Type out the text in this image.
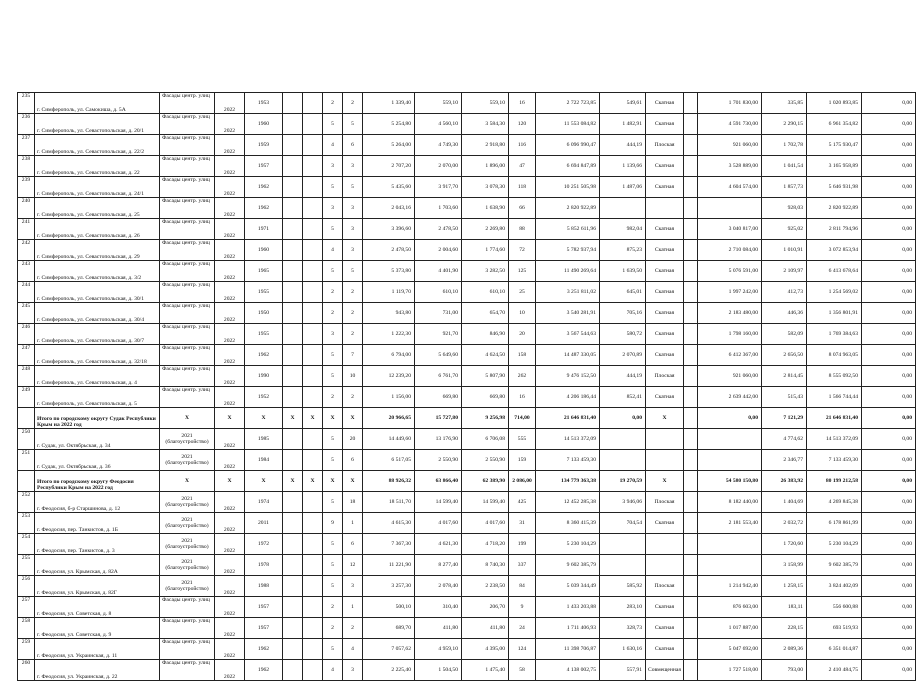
235	г. Симферополь, ул. Самокиша, д. 5А	Фасады центр. улиц	2022	1953			2	2	1 339,40	559,10	559,10	16	2 722 723,85	549,61	Скатная		1 701 830,00	335,85	1 020 893,85	0,00
236	г. Симферополь, ул. Севастопольская, д. 20/1	Фасады центр. улиц	2022	1960			5	5	5 254,80	4 560,10	3 584,30	120	11 553 084,82	1 482,91	Скатная		4 591 730,00	2 290,15	6 961 354,82	0,00
237	г. Симферополь, ул. Севастопольская, д. 22/2	Фасады центр. улиц	2022	1959			4	6	5 264,00	4 749,30	2 918,80	116	6 096 990,47	444,19	Плоская		921 060,00	1 702,78	5 175 930,47	0,00
238	г. Симферополь, ул. Севастопольская, д. 22	Фасады центр. улиц	2022	1957			3	3	2 707,20	2 070,00	1 896,00	47	6 694 847,89	1 139,66	Скатная		3 528 889,00	1 041,54	3 165 958,89	0,00
239	г. Симферополь, ул. Севастопольская, д. 24/1	Фасады центр. улиц	2022	1962			5	5	5 435,60	3 917,70	3 078,30	118	10 251 505,98	1 487,06	Скатная		4 604 574,00	1 857,73	5 646 931,98	0,00
240	г. Симферополь, ул. Севастопольская, д. 25	Фасады центр. улиц	2022	1962			3	3	2 043,16	1 703,60	1 638,90	66	2 820 922,89					928,03	2 820 922,89	0,00
241	г. Симферополь, ул. Севастопольская, д. 26	Фасады центр. улиц	2022	1971			5	3	3 396,60	2 478,50	2 269,80	88	5 852 611,96	982,04	Скатная		3 040 817,00	925,02	2 811 794,96	0,00
242	г. Симферополь, ул. Севастопольская, д. 29	Фасады центр. улиц	2022	1960			4	3	2 478,50	2 004,60	1 774,60	72	5 782 937,94	875,23	Скатная		2 710 084,00	1 010,91	3 072 853,94	0,00
243	г. Симферополь, ул. Севастопольская, д. 3/2	Фасады центр. улиц	2022	1965			5	5	5 373,80	4 401,90	3 282,50	125	11 490 269,64	1 639,50	Скатная		5 076 591,00	2 109,97	6 413 678,64	0,00
244	г. Симферополь, ул. Севастопольская, д. 30/1	Фасады центр. улиц	2022	1955			2	2	1 119,70	610,10	610,10	25	3 251 811,02	645,01	Скатная		1 997 242,00	412,73	1 254 569,02	0,00
245	г. Симферополь, ул. Севастопольская, д. 30/4	Фасады центр. улиц	2022	1950			2	2	943,80	731,00	654,70	10	3 540 281,91	705,16	Скатная		2 183 480,00	446,36	1 356 801,91	0,00
246	г. Симферополь, ул. Севастопольская, д. 30/7	Фасады центр. улиц	2022	1955			3	2	1 222,30	921,70	846,90	20	3 567 544,63	580,72	Скатная		1 798 160,00	582,09	1 769 384,63	0,00
247	г. Симферополь, ул. Севастопольская, д. 32/18	Фасады центр. улиц	2022	1962			5	7	6 794,00	5 649,60	4 624,50	158	14 487 330,05	2 070,89	Скатная		6 412 367,00	2 656,50	8 074 963,05	0,00
248	г. Симферополь, ул. Севастопольская, д. 4	Фасады центр. улиц	2022	1990			5	10	12 239,20	6 761,70	5 807,90	262	9 476 152,50	444,19	Плоская		921 060,00	2 814,45	8 555 092,50	0,00
249	г. Симферополь, ул. Севастопольская, д. 5	Фасады центр. улиц	2022	1952			2	2	1 156,00	669,80	669,80	16	4 206 186,44	852,41	Скатная		2 639 442,00	515,43	1 566 744,44	0,00
	Итого по городскому округу Судак Республики Крым на 2022 год	Х	Х	Х	Х	Х	Х	Х	20 966,65	15 727,80	9 256,98	714,00	21 646 831,40	0,00	Х		0,00	7 121,29	21 646 831,40	0,00
250	г. Судак, ул. Октябрьская, д. 34	2021 (благоустройство)	2022	1985			5	20	14 449,60	13 176,90	6 706,08	555	14 513 372,09					4 774,62	14 513 372,09	0,00
251	г. Судак, ул. Октябрьская, д. 36	2021 (благоустройство)	2022	1984			5	6	6 517,05	2 550,90	2 550,90	159	7 133 459,30					2 346,77	7 133 459,30	0,00
	Итого по городскому округу Феодосия Республики Крым на 2022 год	Х	Х	Х	Х	Х	Х	Х	88 926,32	63 866,40	62 389,90	2 086,00	134 779 363,38	19 270,59	Х		54 580 150,80	26 383,92	80 199 212,58	0,00
252	г. Феодосия, б-р Старшинова, д. 12	2021 (благоустройство)	2022	1974			5	18	18 511,70	14 599,40	14 599,40	425	12 452 285,38	3 946,06	Плоская		8 182 440,00	1 404,69	4 269 845,38	0,00
253	г. Феодосия, пер. Танкистов, д. 1Б	2021 (благоустройство)	2022	2011			9	1	4 615,30	4 017,60	4 017,60	31	8 360 415,39	704,54	Скатная		2 181 553,40	2 032,72	6 178 861,99	0,00
254	г. Феодосия, пер. Танкистов, д. 3	2021 (благоустройство)	2022	1972			5	6	7 367,30	4 621,30	4 718,20	199	5 230 104,29					1 720,60	5 230 104,29	0,00
255	г. Феодосия, ул. Крымская, д. 82А	2021 (благоустройство)	2022	1978			5	12	11 221,90	8 277,40	8 740,30	337	9 602 385,79					3 158,99	9 602 385,79	0,00
256	г. Феодосия, ул. Крымская, д. 82Г	2021 (благоустройство)	2022	1988			5	3	3 257,30	2 078,40	2 238,50	84	5 039 344,49	585,92	Плоская		1 214 942,40	1 258,15	3 824 402,09	0,00
257	г. Феодосия, ул. Советская, д. 8	Фасады центр. улиц	2022	1957			2	1	500,10	310,40	206,70	9	1 433 203,88	283,10	Скатная		876 603,00	183,11	556 600,88	0,00
258	г. Феодосия, ул. Советская, д. 9	Фасады центр. улиц	2022	1957			2	2	689,70	411,80	411,80	24	1 711 406,93	328,73	Скатная		1 017 887,00	228,15	693 519,93	0,00
259	г. Феодосия, ул. Украинская, д. 11	Фасады центр. улиц	2022	1962			5	4	7 057,62	4 959,10	4 395,00	124	11 398 706,87	1 630,16	Скатная		5 047 692,00	2 089,36	6 351 014,87	0,00
260	г. Феодосия, ул. Украинская, д. 22	Фасады центр. улиц	2022	1962			4	3	2 225,40	1 504,50	1 475,40	58	4 138 002,75	557,91	Совмещенная		1 727 518,00	793,00	2 410 484,75	0,00
